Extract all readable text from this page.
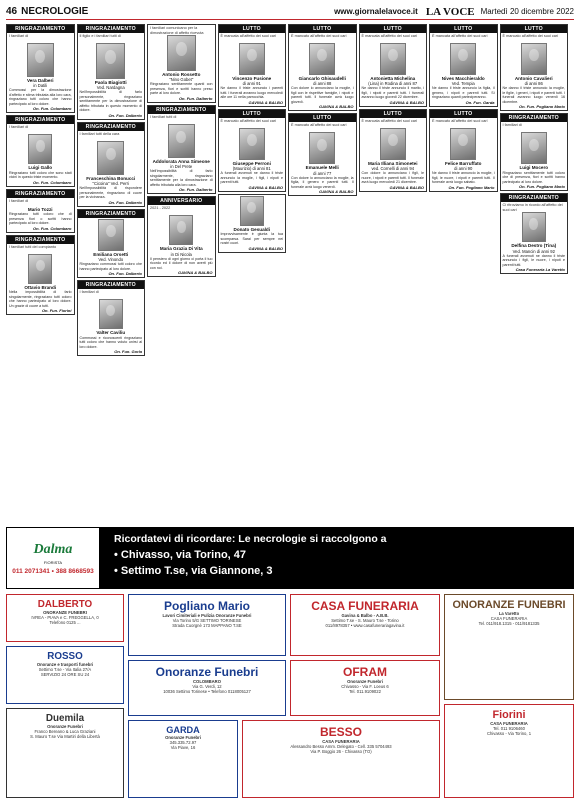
46 NECROLOGIE	www.giornalelavoce.it LA VOCE Martedì 20 dicembre 2022
RINGRAZIAMENTO
I familiari di
Vera Dalberi
in Datili
Commossi per la dimostrazione d'affetto e stima tributata alla loro cara, ringraziano tutti coloro che hanno partecipato al loro dolore.
On. Fun. Colombaro
RINGRAZIAMENTO
I familiari di
Luigi Gallo
Ringraziano tutti coloro che sono stati vicini in questo triste momento.
On. Fun. Colombaro
RINGRAZIAMENTO
I familiari di
Mario Tozzi
Ringraziano tutti coloro che di presenza fiori o scritti hanno partecipato al loro dolore.
On. Fun. Colombaro
RINGRAZIAMENTO
I familiari tutti del compianto
Ottavio Brandi
Nella impossibilità di farlo singolarmente, ringraziano tutti coloro che hanno partecipato al loro dolore. Un grazie di cuore a tutti.
On. Fun. Fiorini
RINGRAZIAMENTO
Il figlio e i familiari tutti di
Paola Biagiotti
Ved. Nardagna
Nell'impossibilità di farlo personalmente, ringraziano sentitamente per la dimostrazione di affetto tributata in questo momento di dolore.
On. Fun. Dalberto
RINGRAZIAMENTO
I familiari tutti della cara
Franceschina Bonucci
"Cicoina" Ved. Perri
Nell'impossibilità di rispondere personalmente, ringraziano di cuore per la vicinanza.
On. Fun. Dalberto
RINGRAZIAMENTO
Emiliana Orsetti
Ved. Vinondo
Ringraziano commossi tutti coloro che hanno partecipato al loro dolore.
On. Fun. Dalberto
RINGRAZIAMENTO
I familiari di
Valter Caviliu
Commossi e riconoscenti ringraziano tutti coloro che hanno voluto unirsi al loro dolore.
On. Fun. Gorla
I familiari comunicano per la dimostrazione di affetto ricevuta
Antonio Rossetto
"Nino Gobet"
Ringraziano sentitamente quanti con presenza, fiori e scritti hanno preso parte al loro dolore.
On. Fun. Dalberto
RINGRAZIAMENTO
I familiari tutti di
Addolorata Anna Simeone
in Del Prete
Nell'impossibilità di farlo singolarmente, ringraziano sentitamente per la dimostrazione di affetto tributata alla loro cara.
On. Fun. Dalberto
ANNIVERSARIO
2021 - 2022
Maria Grazia Di Vita
in Di Nicola
Il pensiero di ogni giorno ci porta il tuo ricordo ed il dolore di non averti più con noi.
GAVINA & BALBO
LUTTO
È mancata all'affetto dei suoi cari
Vincenzo Fusione
di anni 91
Ne danno il triste annuncio i parenti tutti. I funerali avranno luogo mercoledì alle ore 11 nella parrocchia.
GAVINA & BALBO
LUTTO
È mancato all'affetto dei suoi cari
Giuseppe Perroni
(Maurizio) di anni 81
A funerali avvenuti ne danno il triste annuncio la moglie, i figli, i nipoti e parenti tutti.
GAVINA & BALBO
Donato Gesualdi
Improvvisamente è giunta la tua scomparsa. Sarai per sempre nei nostri cuori.
GAVINA & BALBO
LUTTO
È mancato all'affetto dei suoi cari
Giancarlo Ghisaudelli
di anni 88
Con dolore lo annunciano la moglie, i figli con le rispettive famiglie, i nipoti e parenti tutti. Il funerale avrà luogo giovedì.
GAVINA & BALBO
LUTTO
È mancato all'affetto dei suoi cari
Emanuele Melli
di anni 77
Con dolore lo annunciano la moglie, la figlia, il genero e parenti tutti. Il funerale avrà luogo venerdì.
GAVINA & BALBO
LUTTO
È mancata all'affetto dei suoi cari
Antonietta Michelina
(Lina) in Rodina di anni 87
Ne danno il triste annuncio il marito, i figli, i nipoti e parenti tutti. I funerali avranno luogo giovedì 22 dicembre.
GAVINA & BALBO
LUTTO
È mancata all'affetto dei suoi cari
Maria Illiana Simonetei
ved. Cornelli di anni 94
Con dolore lo annunciano i figli, le nuore, i nipoti e parenti tutti. Il funerale avrà luogo mercoledì 21 dicembre.
GAVINA & BALBO
LUTTO
È mancata all'affetto dei suoi cari
Nives Macchieraldo
Ved. Tempia
Ne danno il triste annuncio la figlia, il genero, i nipoti e parenti tutti. Si ringraziano quanti parteciperanno.
On. Fun. Garda
LUTTO
È mancato all'affetto dei suoi cari
Felice Barruffato
di anni 90
Ne danno il triste annuncio la moglie, i figli, le nuore, i nipoti e parenti tutti. Il funerale avrà luogo sabato.
On. Fun. Pogliano Mario
LUTTO
È mancato all'affetto dei suoi cari
Antonio Cavalieri
di anni 86
Ne danno il triste annuncio la moglie, le figlie, i generi, i nipoti e parenti tutti. I funerali avranno luogo venerdì 16 dicembre.
On. Fun. Pogliano Mario
RINGRAZIAMENTO
I familiari di
Luigi Mocero
Ringraziano sentitamente tutti coloro che di presenza, fiori e scritti hanno partecipato al loro dolore.
On. Fun. Pogliano Mario
RINGRAZIAMENTO
Ci ritroviamo in ricordo all'affetto dei suoi cari
Delfina Destro (Tina)
Ved. Mancin di anni 92
A funerali avvenuti ne danno il triste annuncio i figli, le nuore, i nipoti e parenti tutti.
Casa Funeraria La Varetto
Dalma
FIORISTA
011 2071341 • 388 8668593
Ricordatevi di ricordare: Le necrologie si raccolgono a
• Chivasso, via Torino, 47
• Settimo T.se, via Giannone, 3
DALBERTO
ONORANZE FUNEBRI
IVREA - PIAVA e C. FREGGELLA, 0
Telefono 0125 ...
Pogliano Mario
Lavori Cimiteriali e Pulizia Onoranze Funebri
Via Torino 5/G SETTIMO TORINESE
Strada Cuorgnè 173 MAPPANO T.SE
CASA FUNERARIA
Gavina & Balbo - A.B.B.
Settimo T.se - S. Mauro T.se - Torino
011/8978357 • www.casafunerariagavina.it
ONORANZE FUNEBRI
La Varetto
CASA FUNERARIA
Tel. 011/918.1315 - 011/9181335
ROSSO
Onoranze e trasporti funebri
Settimo T.se - Via Italia 27/A
SERVIZIO 24 ORE SU 24	Onoranze Funebri
COLOMBARO
Via G. Verdi, 12
10036 Settimo Torinese • Telefono 0118005127
OFRAM
Onoranze Funebri
Chivasso - Via F. Loeus 6
Tel. 011.9109022
Duemila
Onoranze Funebri
Franco Bereano & Luca Graziani
S. Mauro T.se Via Martiri della Libertà
GARDA
Onoranze Funebri
345.335.72.97
Via Piave, 16
BESSO
CASA FUNERARIA
Alessandro Besso Amm. Delegato - Cell. 335 5704493
Via P. Boggio 26 - Chivasso (TO)
Fiorini
CASA FUNERARIA
Tel. 011 9106460
Chivasso - Via Torino, 1
